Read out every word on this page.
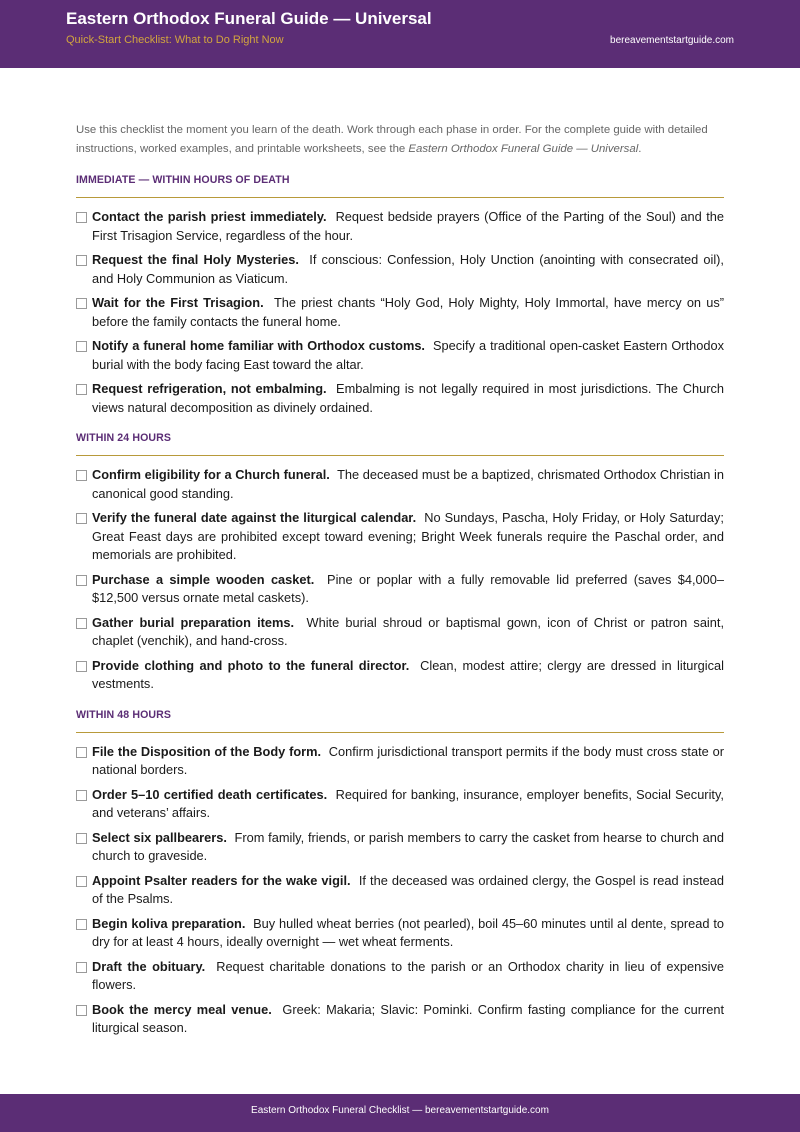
Eastern Orthodox Funeral Guide — Universal
Quick-Start Checklist: What to Do Right Now	bereavementstartguide.com

Use this checklist the moment you learn of the death. Work through each phase in order. For the complete guide with detailed instructions, worked examples, and printable worksheets, see the Eastern Orthodox Funeral Guide — Universal.

IMMEDIATE — WITHIN HOURS OF DEATH
Contact the parish priest immediately. Request bedside prayers (Office of the Parting of the Soul) and the First Trisagion Service, regardless of the hour.
Request the final Holy Mysteries. If conscious: Confession, Holy Unction (anointing with consecrated oil), and Holy Communion as Viaticum.
Wait for the First Trisagion. The priest chants “Holy God, Holy Mighty, Holy Immortal, have mercy on us” before the family contacts the funeral home.
Notify a funeral home familiar with Orthodox customs. Specify a traditional open-casket Eastern Orthodox burial with the body facing East toward the altar.
Request refrigeration, not embalming. Embalming is not legally required in most jurisdictions. The Church views natural decomposition as divinely ordained.
WITHIN 24 HOURS
Confirm eligibility for a Church funeral. The deceased must be a baptized, chrismated Orthodox Christian in canonical good standing.
Verify the funeral date against the liturgical calendar. No Sundays, Pascha, Holy Friday, or Holy Saturday; Great Feast days are prohibited except toward evening; Bright Week funerals require the Paschal order, and memorials are prohibited.
Purchase a simple wooden casket. Pine or poplar with a fully removable lid preferred (saves $4,000–$12,500 versus ornate metal caskets).
Gather burial preparation items. White burial shroud or baptismal gown, icon of Christ or patron saint, chaplet (venchik), and hand-cross.
Provide clothing and photo to the funeral director. Clean, modest attire; clergy are dressed in liturgical vestments.
WITHIN 48 HOURS
File the Disposition of the Body form. Confirm jurisdictional transport permits if the body must cross state or national borders.
Order 5–10 certified death certificates. Required for banking, insurance, employer benefits, Social Security, and veterans’ affairs.
Select six pallbearers. From family, friends, or parish members to carry the casket from hearse to church and church to graveside.
Appoint Psalter readers for the wake vigil. If the deceased was ordained clergy, the Gospel is read instead of the Psalms.
Begin koliva preparation. Buy hulled wheat berries (not pearled), boil 45–60 minutes until al dente, spread to dry for at least 4 hours, ideally overnight — wet wheat ferments.
Draft the obituary. Request charitable donations to the parish or an Orthodox charity in lieu of expensive flowers.
Book the mercy meal venue. Greek: Makaria; Slavic: Pominki. Confirm fasting compliance for the current liturgical season.
Eastern Orthodox Funeral Checklist — bereavementstartguide.com
